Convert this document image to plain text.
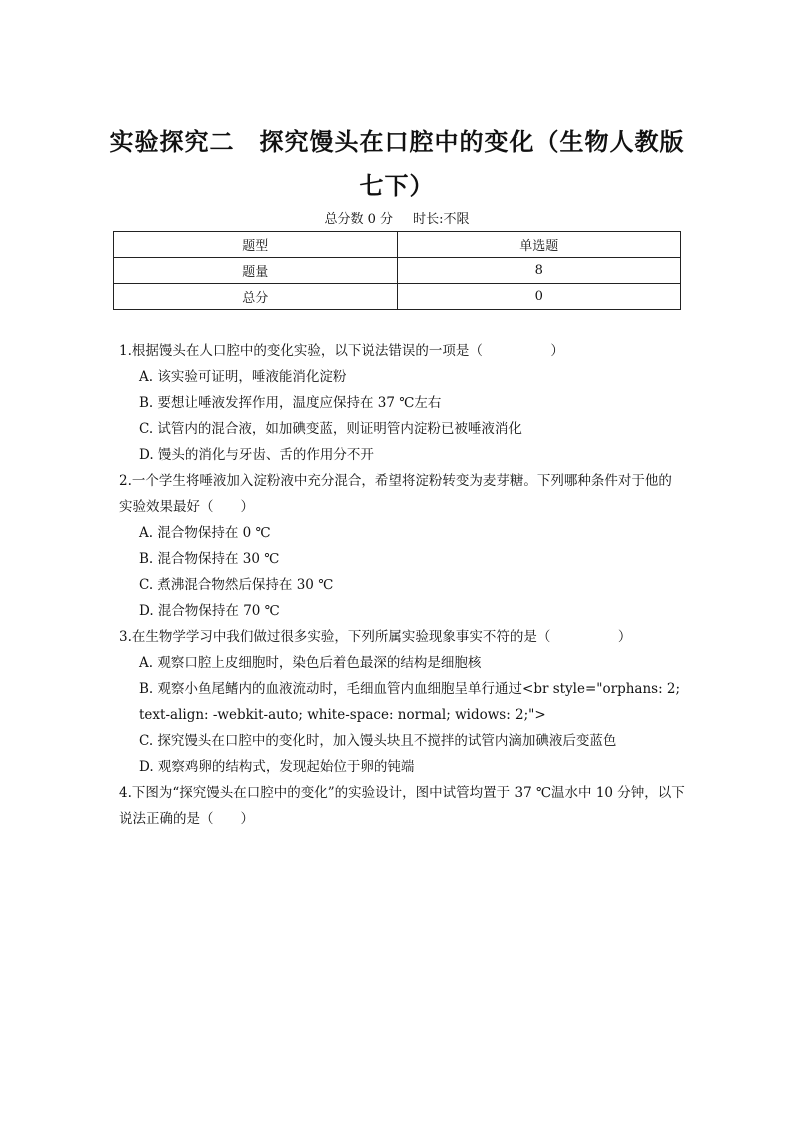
实验探究二　探究馒头在口腔中的变化（生物人教版七下）
总分数 0 分 时长:不限
题型	单选题
题量	8
总分	0

1.根据馒头在人口腔中的变化实验，以下说法错误的一项是（　　　　　）

A. 该实验可证明，唾液能消化淀粉
B. 要想让唾液发挥作用，温度应保持在 37 ℃左右
C. 试管内的混合液，如加碘变蓝，则证明管内淀粉已被唾液消化
D. 馒头的消化与牙齿、舌的作用分不开

2.一个学生将唾液加入淀粉液中充分混合，希望将淀粉转变为麦芽糖。下列哪种条件对于他的实验效果最好（　　）

A. 混合物保持在 0 ℃
B. 混合物保持在 30 ℃
C. 煮沸混合物然后保持在 30 ℃
D. 混合物保持在 70 ℃

3.在生物学学习中我们做过很多实验，下列所属实验现象事实不符的是（　　　　　）

A. 观察口腔上皮细胞时，染色后着色最深的结构是细胞核
B. 观察小鱼尾鳍内的血液流动时，毛细血管内血细胞呈单行通过<br style="orphans: 2; text-align: -webkit-auto; white-space: normal; widows: 2;">
C. 探究馒头在口腔中的变化时，加入馒头块且不搅拌的试管内滴加碘液后变蓝色
D. 观察鸡卵的结构式，发现起始位于卵的钝端

4.下图为“探究馒头在口腔中的变化”的实验设计，图中试管均置于 37 ℃温水中 10 分钟，以下说法正确的是（　　）
